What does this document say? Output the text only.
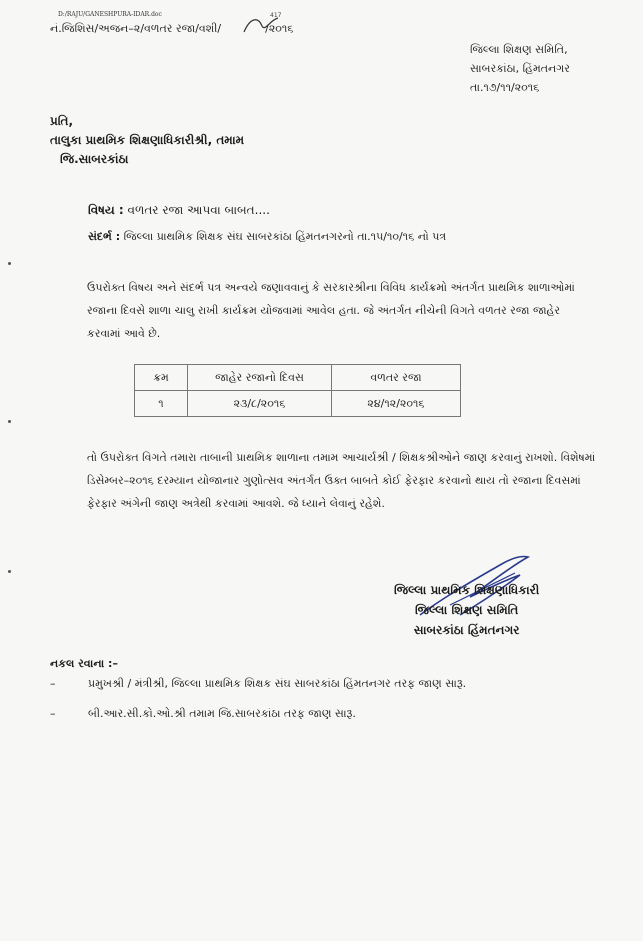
D:/RAJU/GANESHPURA-IDAR.doc	417
નં.જિશિસ/અજન–૨/વળતર રજા/વશી/	/૨૦૧૬
જિલ્લા શિક્ષણ સમિતિ,
સાબરકાંઠા, હિંમતનગર
તા.૧૭/૧૧/૨૦૧૬
પ્રતિ,
તાલુકા પ્રાથમિક શિક્ષણાધિકારીશ્રી, તમામ
જિ.સાબરકાંઠા
વિષય : વળતર રજા આપવા બાબત....
સંદર્ભ : જિલ્લા પ્રાથમિક શિક્ષક સંઘ સાબરકાંઠા હિંમતનગરનો તા.૧૫/૧૦/૧૬ નો પત્ર
ઉપરોક્ત વિષય અને સંદર્ભ પત્ર અન્વયે જણાવવાનું કે સરકારશ્રીના વિવિધ કાર્યક્રમો અંતર્ગત પ્રાથમિક શાળાઓમાં રજાના દિવસે શાળા ચાલુ રાખી કાર્યક્રમ યોજવામાં આવેલ હતા. જે અંતર્ગત નીચેની વિગતે વળતર રજા જાહેર કરવામાં આવે છે.
ક્રમ	જાહેર રજાનો દિવસ	વળતર રજા
૧	૨૩/૮/૨૦૧૬	૨૪/૧૨/૨૦૧૬
તો ઉપરોક્ત વિગતે તમારા તાબાની પ્રાથમિક શાળાના તમામ આચાર્યશ્રી / શિક્ષકશ્રીઓને જાણ કરવાનું રાખશો. વિશેષમાં ડિસેમ્બર–૨૦૧૬ દરમ્યાન યોજાનાર ગુણોત્સવ અંતર્ગત ઉક્ત બાબતે કોઈ ફેરફાર કરવાનો થાય તો રજાના દિવસમાં ફેરફાર અંગેની જાણ અત્રેથી કરવામાં આવશે. જે ધ્યાને લેવાનું રહેશે.
જિલ્લા પ્રાથમિક શિક્ષણાધિકારી
જિલ્લા શિક્ષણ સમિતિ
સાબરકાંઠા હિંમતનગર
નકલ રવાના :–
–	પ્રમુખશ્રી / મંત્રીશ્રી, જિલ્લા પ્રાથમિક શિક્ષક સંઘ સાબરકાંઠા હિંમતનગર તરફ જાણ સારૂ.
–	બી.આર.સી.કો.ઓ.શ્રી તમામ જિ.સાબરકાંઠા તરફ જાણ સારૂ.
